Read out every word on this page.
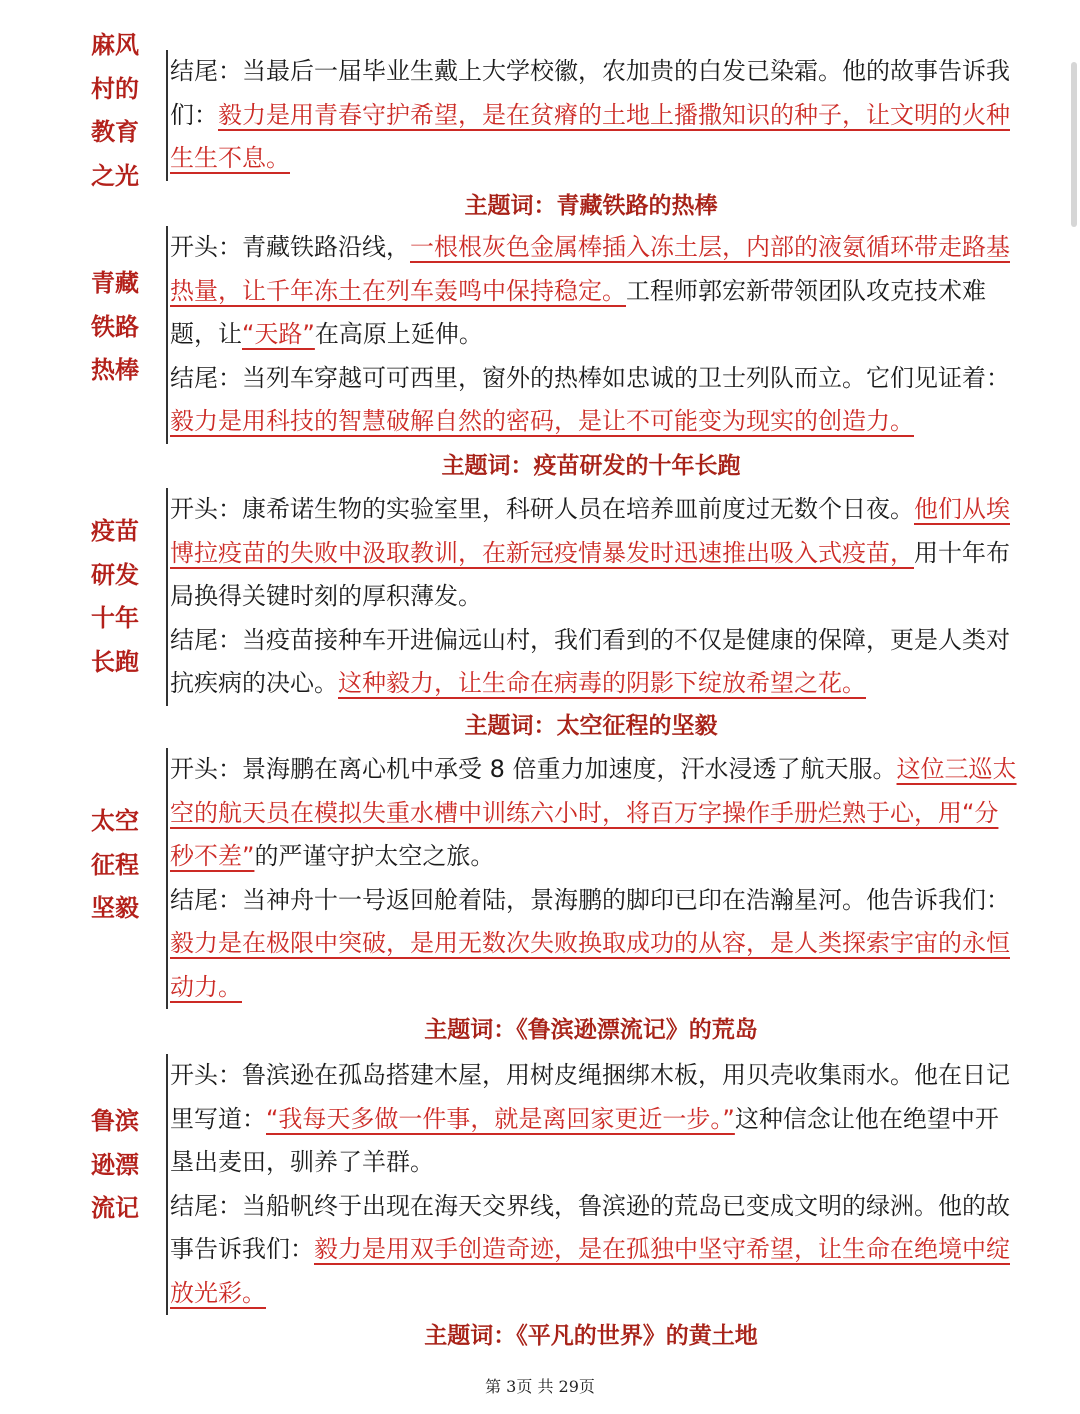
麻风村的教育之光

结尾：当最后一届毕业生戴上大学校徽，农加贵的白发已染霜。他的故事告诉我们：毅力是用青春守护希望，是在贫瘠的土地上播撒知识的种子，让文明的火种生生不息。

主题词：青藏铁路的热棒
青藏铁路热棒

开头：青藏铁路沿线，一根根灰色金属棒插入冻土层，内部的液氨循环带走路基热量，让千年冻土在列车轰鸣中保持稳定。工程师郭宏新带领团队攻克技术难题，让“天路”在高原上延伸。

结尾：当列车穿越可可西里，窗外的热棒如忠诚的卫士列队而立。它们见证着：毅力是用科技的智慧破解自然的密码，是让不可能变为现实的创造力。

主题词：疫苗研发的十年长跑
疫苗研发十年长跑

开头：康希诺生物的实验室里，科研人员在培养皿前度过无数个日夜。他们从埃博拉疫苗的失败中汲取教训，在新冠疫情暴发时迅速推出吸入式疫苗，用十年布局换得关键时刻的厚积薄发。

结尾：当疫苗接种车开进偏远山村，我们看到的不仅是健康的保障，更是人类对抗疾病的决心。这种毅力，让生命在病毒的阴影下绽放希望之花。

主题词：太空征程的坚毅
太空征程坚毅

开头：景海鹏在离心机中承受 8 倍重力加速度，汗水浸透了航天服。这位三巡太空的航天员在模拟失重水槽中训练六小时，将百万字操作手册烂熟于心，用“分秒不差”的严谨守护太空之旅。

结尾：当神舟十一号返回舱着陆，景海鹏的脚印已印在浩瀚星河。他告诉我们：毅力是在极限中突破，是用无数次失败换取成功的从容，是人类探索宇宙的永恒动力。

主题词：《鲁滨逊漂流记》的荒岛
鲁滨逊漂流记

开头：鲁滨逊在孤岛搭建木屋，用树皮绳捆绑木板，用贝壳收集雨水。他在日记里写道：“我每天多做一件事，就是离回家更近一步。”这种信念让他在绝望中开垦出麦田，驯养了羊群。

结尾：当船帆终于出现在海天交界线，鲁滨逊的荒岛已变成文明的绿洲。他的故事告诉我们：毅力是用双手创造奇迹，是在孤独中坚守希望，让生命在绝境中绽放光彩。

主题词：《平凡的世界》的黄土地
第 3页 共 29页
